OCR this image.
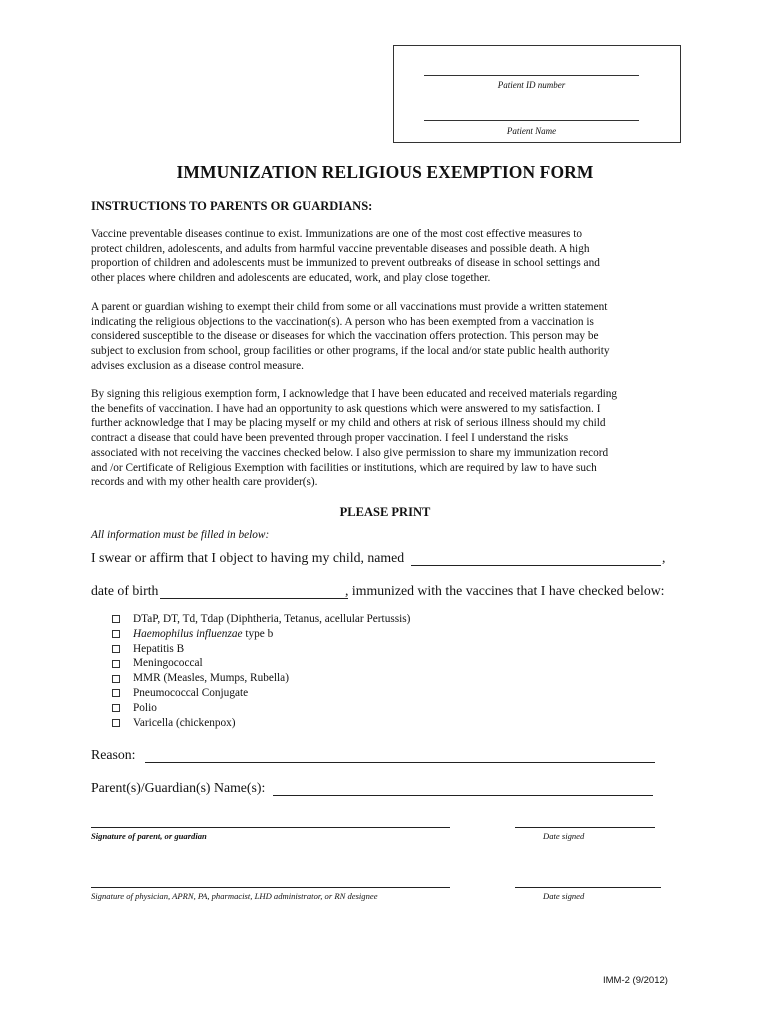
Patient ID number
Patient Name
IMMUNIZATION RELIGIOUS EXEMPTION FORM
INSTRUCTIONS TO PARENTS OR GUARDIANS:
Vaccine preventable diseases continue to exist. Immunizations are one of the most cost effective measures to
protect children, adolescents, and adults from harmful vaccine preventable diseases and possible death. A high
proportion of children and adolescents must be immunized to prevent outbreaks of disease in school settings and
other places where children and adolescents are educated, work, and play close together.
A parent or guardian wishing to exempt their child from some or all vaccinations must provide a written statement
indicating the religious objections to the vaccination(s). A person who has been exempted from a vaccination is
considered susceptible to the disease or diseases for which the vaccination offers protection. This person may be
subject to exclusion from school, group facilities or other programs, if the local and/or state public health authority
advises exclusion as a disease control measure.
By signing this religious exemption form, I acknowledge that I have been educated and received materials regarding
the benefits of vaccination. I have had an opportunity to ask questions which were answered to my satisfaction. I
further acknowledge that I may be placing myself or my child and others at risk of serious illness should my child
contract a disease that could have been prevented through proper vaccination. I feel I understand the risks
associated with not receiving the vaccines checked below. I also give permission to share my immunization record
and /or Certificate of Religious Exemption with facilities or institutions, which are required by law to have such
records and with my other health care provider(s).
PLEASE PRINT
All information must be filled in below:
I swear or affirm that I object to having my child, named	,
date of birth	, immunized with the vaccines that I have checked below:
DTaP, DT, Td, Tdap (Diphtheria, Tetanus, acellular Pertussis)
Haemophilus influenzae type b
Hepatitis B
Meningococcal
MMR (Measles, Mumps, Rubella)
Pneumococcal Conjugate
Polio
Varicella (chickenpox)
Reason:
Parent(s)/Guardian(s) Name(s):
Signature of parent, or guardian	Date signed
Signature of physician, APRN, PA, pharmacist, LHD administrator, or RN designee	Date signed
IMM-2 (9/2012)
